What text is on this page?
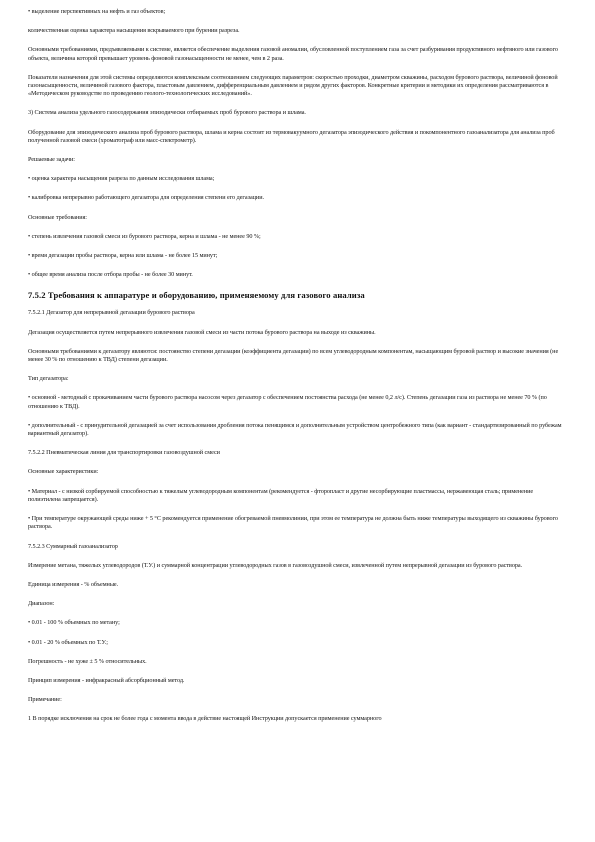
• выделение перспективных на нефть и газ объектов;

количественная оценка характера насыщения вскрываемого при бурении разреза.

Основными требованиями, предъявляемыми к системе, является обеспечение выделения газовой аномалии, обусловленной поступлением газа за счет разбуривания продуктивного нефтяного или газового объекта, величина которой превышает уровень фоновой газонасыщенности не менее, чем в 2 раза.

Показатели назначения для этой системы определяются комплексным соотношением следующих параметров: скоростью проходки, диаметром скважины, расходом бурового раствора, величиной фоновой газонасыщенности, величиной газового фактора, пластовым давлением, дифференциальным давлением и рядом других факторов. Конкретные критерии и методики их определения рассматриваются в «Методическом руководстве по проведению геолого-технологических исследований».

3) Система анализа удельного газосодержания эпизодически отбираемых проб бурового раствора и шлама.

Оборудование для эпизодического анализа проб бурового раствора, шлама и керна состоит из термовакуумного дегазатора эпизодического действия и покомпонентного газоанализатора для анализа проб полученной газовой смеси (хроматограф или масс-спектрометр).

Решаемые задачи:

• оценка характера насыщения разреза по данным исследования шлама;

• калибровка непрерывно работающего дегазатора для определения степени его дегазации.

Основные требования:

• степень извлечения газовой смеси из бурового раствора, керна и шлама - не менее 90 %;

• время дегазации пробы раствора, керна или шлама - не более 15 минут;

• общее время анализа после отбора пробы - не более 30 минут.

7.5.2 Требования к аппаратуре и оборудованию, применяемому для газового анализа

7.5.2.1 Дегазатор для непрерывной дегазации бурового раствора

Дегазация осуществляется путем непрерывного извлечения газовой смеси из части потока бурового раствора на выходе из скважины.

Основными требованиями к дегазатору являются: постоянство степени дегазации (коэффициента дегазации) по всем углеводородным компонентам, насыщающим буровой раствор и высокие значения (не менее 30 % по отношению к ТВД) степени дегазации.

Тип дегазатора:

• основной - методный с прокачиванием части бурового раствора насосом через дегазатор с обеспечением постоянства расхода (не менее 0,2 л/с). Степень дегазации газа из раствора не менее 70 % (по отношению к ТВД).

• дополнительный - с принудительной дегазацией за счет использования дробления потока пенящимся и дополнительным устройством центробежного типа (как вариант - стандартизированный по рубежам вариантный дегазатор).

7.5.2.2 Пневматическая линия для транспортировки газовоздушной смеси

Основные характеристики:

• Материал - с низкой сорбируемой способностью к тяжелым углеводородным компонентам (рекомендуется - фторопласт и другие несорбирующие пластмассы, нержавеющая сталь; применение полиэтилена запрещается).

• При температуре окружающей среды ниже + 5 °С рекомендуется применение обогреваемой пневмолинии, при этом ее температура не должна быть ниже температуры выходящего из скважины бурового раствора.

7.5.2.3 Суммарный газоанализатор

Измерение метана, тяжелых углеводородов (Т.У.) и суммарной концентрации углеводородных газов в газовоздушной смеси, извлеченной путем непрерывной дегазации из бурового раствора.

Единица измерения - % объемные.

Диапазон:

• 0.01 - 100 % объемных по метану;

• 0.01 - 20 % объемных по Т.У.;

Погрешность - не хуже ± 5 % относительных.

Принцип измерения - инфракрасный абсорбционный метод.

Примечание:

1 В порядке исключения на срок не более года с момента ввода в действие настоящей Инструкции допускается применение суммарного
